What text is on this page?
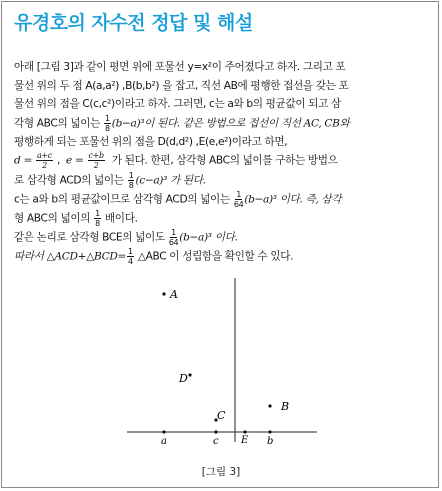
유경호의 자수전 정답 및 해설
아래 [그림 3]과 같이 평면 위에 포물선 y=x²이 주어졌다고 하자. 그리고 포
물선 위의 두 점 A(a,a²) ,B(b,b²) 을 잡고, 직선 AB에 평행한 접선을 갖는 포
물선 위의 점을 C(c,c²)이라고 하자. 그러면, c는 a와 b의 평균값이 되고 삼
각형 ABC의 넓이는 $\frac{1}{8} (b-a)^3$이 된다. 같은 방법으로 접선이 직선 AC, CB와
평행하게 되는 포물선 위의 점을 D(d,d²) ,E(e,e²)이라고 하면,
$d = \frac{a+c}{2}$ , $e = \frac{c+b}{2}$ 가 된다. 한편, 삼각형 ABC의 넓이를 구하는 방법으
로 삼각형 ACD의 넓이는 $\frac{1}{8} (c-a)^3$ 가 된다.
c는 a와 b의 평균값이므로 삼각형 ACD의 넓이는 $\frac{1}{64} (b-a)^3$ 이다. 즉, 삼각
형 ABC의 넓이의 $\frac{1}{8}$ 배이다.
같은 논리로 삼각형 BCE의 넓이도 $\frac{1}{64} (b-a)^3$ 이다.
따라서 △ACD+△BCD= $\frac{1}{4}$ △ABC 이 성립함을 확인할 수 있다.
A
D
C
B
a	c E b
[그림 3]
